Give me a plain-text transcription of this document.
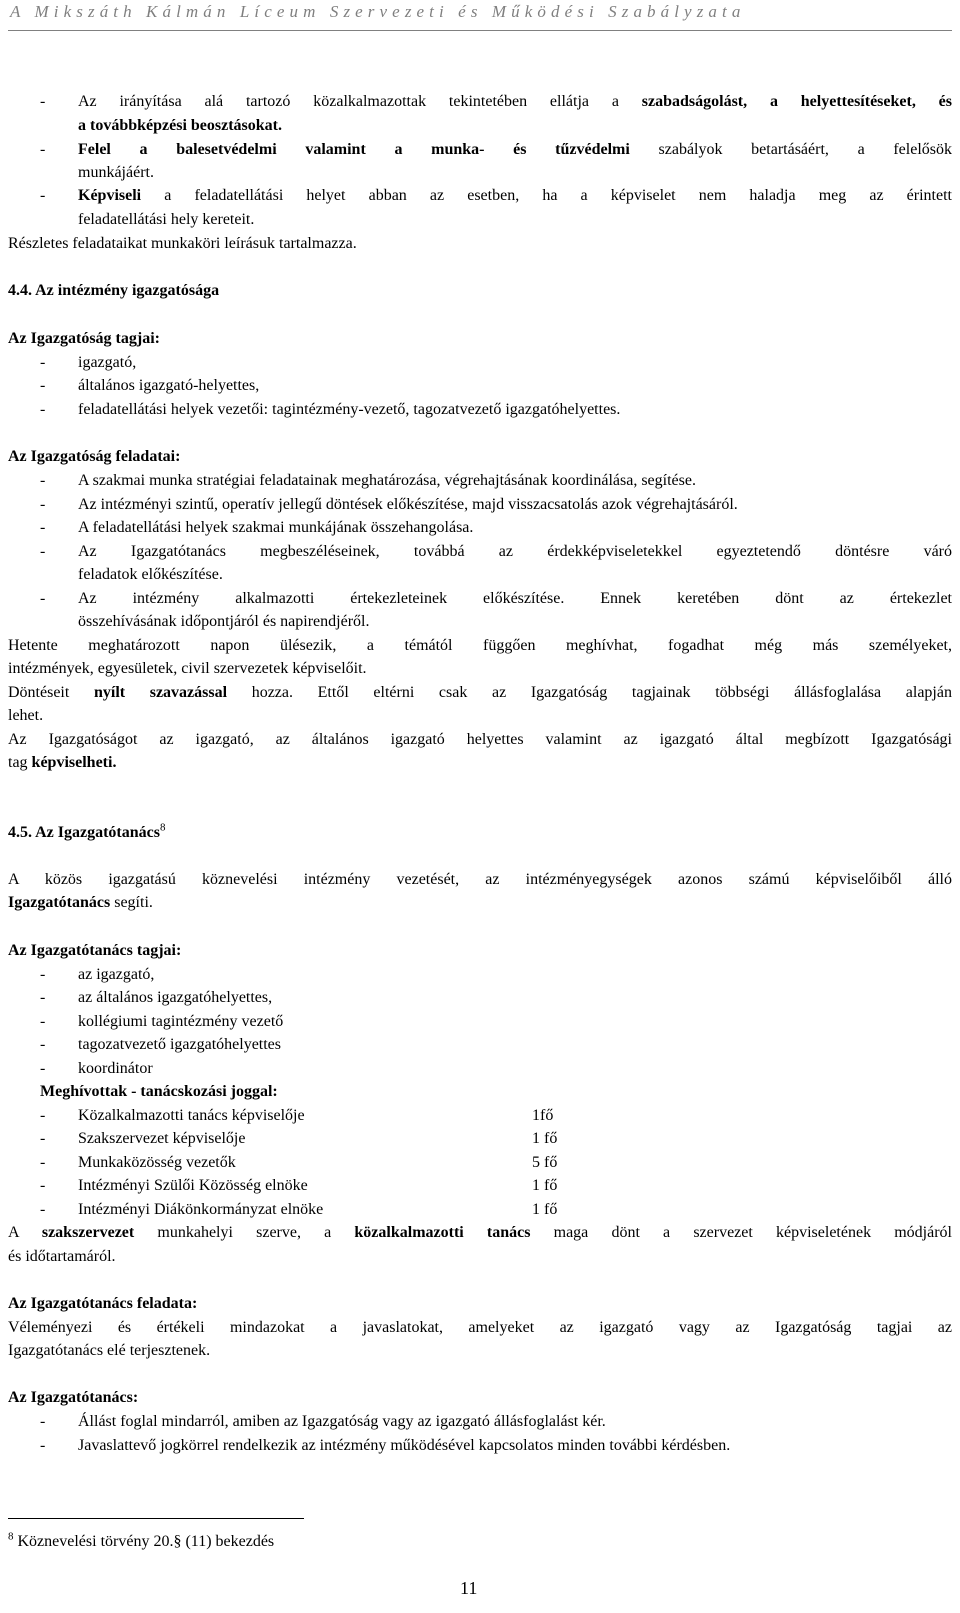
A Mikszáth Kálmán Líceum Szervezeti és Működési Szabályzata
- Az irányítása alá tartozó közalkalmazottak tekintetében ellátja a szabadságolást, a helyettesítéseket, és
a továbbképzési beosztásokat.
- Felel a balesetvédelmi valamint a munka- és tűzvédelmi szabályok betartásáért, a felelősök
munkájáért.
- Képviseli a feladatellátási helyet abban az esetben, ha a képviselet nem haladja meg az érintett
feladatellátási hely kereteit.
Részletes feladataikat munkaköri leírásuk tartalmazza.
4.4. Az intézmény igazgatósága
Az Igazgatóság tagjai:
- igazgató,
- általános igazgató-helyettes,
- feladatellátási helyek vezetői: tagintézmény-vezető, tagozatvezető igazgatóhelyettes.
Az Igazgatóság feladatai:
- A szakmai munka stratégiai feladatainak meghatározása, végrehajtásának koordinálása, segítése.
- Az intézményi szintű, operatív jellegű döntések előkészítése, majd visszacsatolás azok végrehajtásáról.
- A feladatellátási helyek szakmai munkájának összehangolása.
- Az Igazgatótanács megbeszéléseinek, továbbá az érdekképviseletekkel egyeztetendő döntésre váró
feladatok előkészítése.
- Az intézmény alkalmazotti értekezleteinek előkészítése. Ennek keretében dönt az értekezlet
összehívásának időpontjáról és napirendjéről.
Hetente meghatározott napon ülésezik, a témától függően meghívhat, fogadhat még más személyeket,
intézmények, egyesületek, civil szervezetek képviselőit.
Döntéseit nyílt szavazással hozza. Ettől eltérni csak az Igazgatóság tagjainak többségi állásfoglalása alapján
lehet.
Az Igazgatóságot az igazgató, az általános igazgató helyettes valamint az igazgató által megbízott Igazgatósági
tag képviselheti.
4.5. Az Igazgatótanács$^8$
A közös igazgatású köznevelési intézmény vezetését, az intézményegységek azonos számú képviselőiből álló
Igazgatótanács segíti.
Az Igazgatótanács tagjai:
- az igazgató,
- az általános igazgatóhelyettes,
- kollégiumi tagintézmény vezető
- tagozatvezető igazgatóhelyettes
- koordinátor
Meghívottak - tanácskozási joggal:
- Közalkalmazotti tanács képviselője	1fő
- Szakszervezet képviselője	1 fő
- Munkaközösség vezetők	5 fő
- Intézményi Szülői Közösség elnöke	1 fő
- Intézményi Diákönkormányzat elnöke	1 fő
A szakszervezet munkahelyi szerve, a közalkalmazotti tanács maga dönt a szervezet képviseletének módjáról
és időtartamáról.
Az Igazgatótanács feladata:
Véleményezi és értékeli mindazokat a javaslatokat, amelyeket az igazgató vagy az Igazgatóság tagjai az
Igazgatótanács elé terjesztenek.
Az Igazgatótanács:
- Állást foglal mindarról, amiben az Igazgatóság vagy az igazgató állásfoglalást kér.
- Javaslattevő jogkörrel rendelkezik az intézmény működésével kapcsolatos minden további kérdésben.
$^8$ Köznevelési törvény 20.§ (11) bekezdés
11
